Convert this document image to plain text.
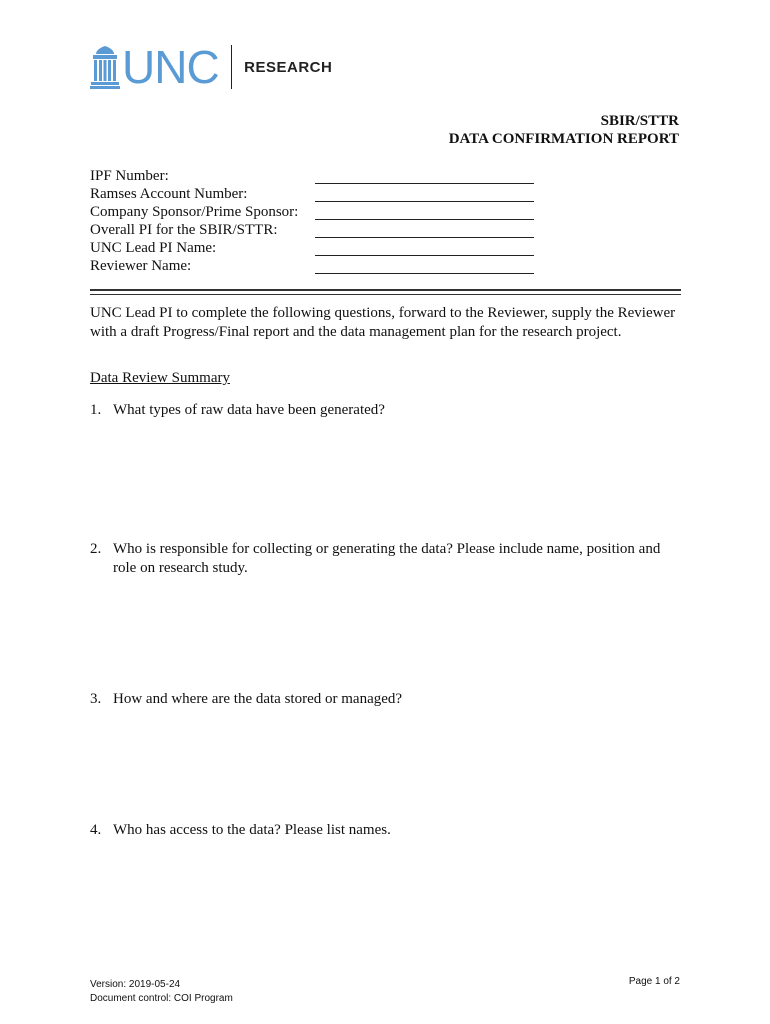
UNC RESEARCH
SBIR/STTR
DATA CONFIRMATION REPORT
IPF Number:
Ramses Account Number:
Company Sponsor/Prime Sponsor:
Overall PI for the SBIR/STTR:
UNC Lead PI Name:
Reviewer Name:
UNC Lead PI to complete the following questions, forward to the Reviewer, supply the Reviewer with a draft Progress/Final report and the data management plan for the research project.
Data Review Summary
1. What types of raw data have been generated?
2. Who is responsible for collecting or generating the data? Please include name, position and role on research study.
3. How and where are the data stored or managed?
4. Who has access to the data? Please list names.
Version: 2019-05-24
Document control: COI Program
Page 1 of 2
